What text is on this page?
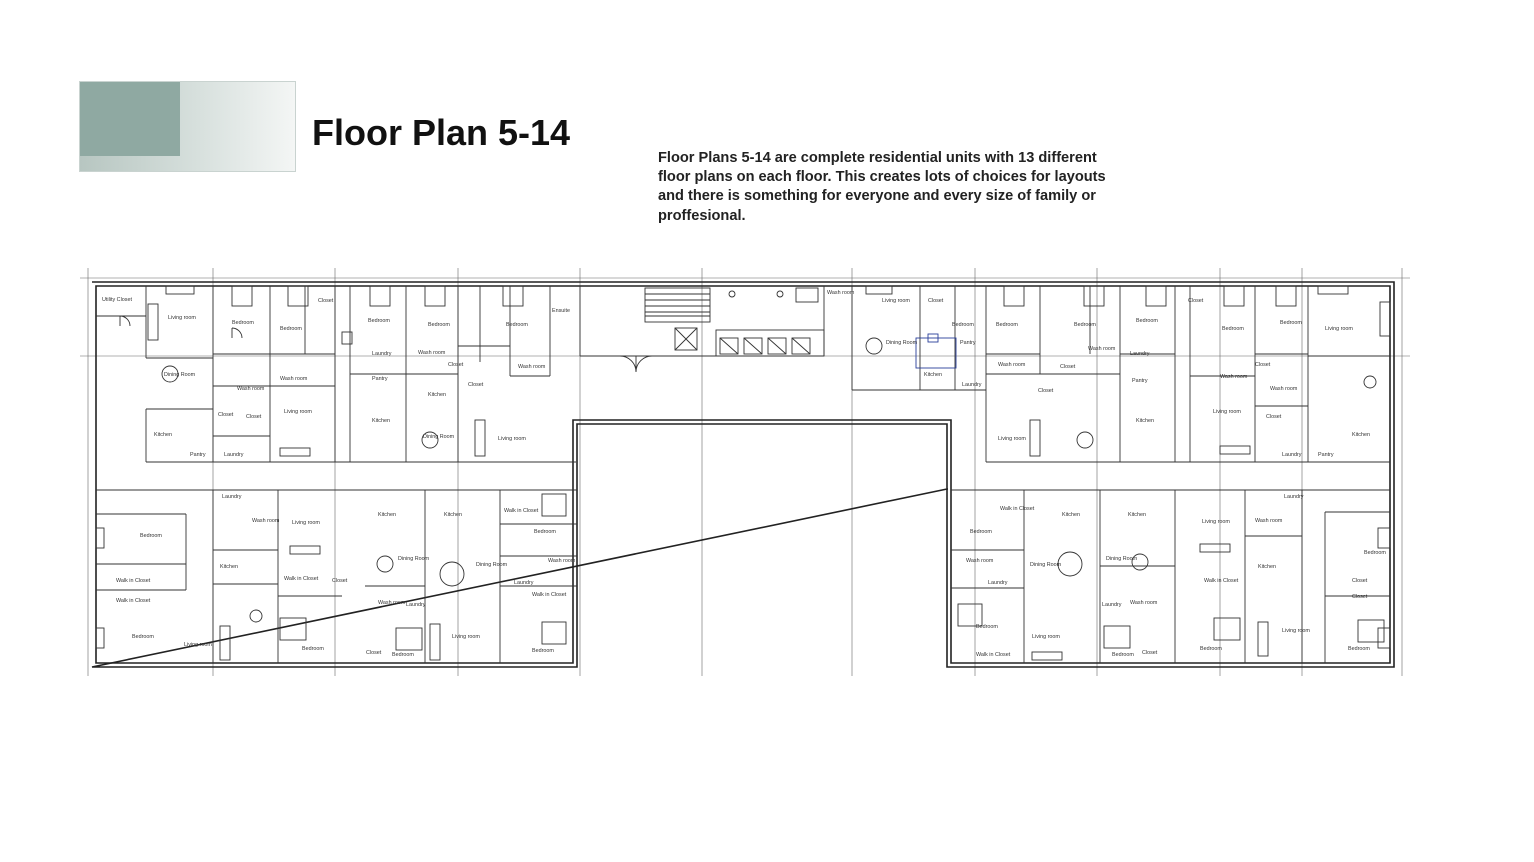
Floor Plan 5-14

Floor Plans 5-14 are complete residential units with 13 different floor plans on each floor. This creates lots of choices for layouts and there is something for everyone and every size of family or proffesional.

Utility Closet
Living room
Bedroom
Bedroom
Closet
Bedroom
Bedroom	Bedroom
Ensuite
Laundry	Wash room
Closet	Wash room
Dining Room
Wash room
Wash room	Pantry
Closet
Kitchen
Living room
Closet Closet
Kitchen
Kitchen	Dining Room	Living room
Pantry	Laundry
Wash room
Living room	Closet
Bedroom
Dining Room	Pantry
Kitchen
Laundry
Bedroom	Bedroom
Bedroom
Closet
Bedroom
Bedroom
Living room
Wash room
Laundry
Wash room	Closet
Pantry
Wash room
Wash room
Closet
Closet
Living room
Kitchen
Closet
Living room
Kitchen
Laundry	Pantry
Laundry
Wash room Living room
Kitchen	Kitchen
Walk in Closet
Bedroom
Bedroom
Dining Room
Dining Room
Wash room
Kitchen
Walk in Closet	Laundry
Walk in Closet	Closet
Walk in Closet
Walk in Closet
Wash room Laundry
Bedroom
Living room
Living room
Bedroom
Closet Bedroom
Bedroom
Walk in Closet
Kitchen	Kitchen
Living room	Wash room
Laundry
Bedroom
Bedroom
Wash room
Dining Room
Dining Room
Kitchen
Closet
Laundry	Walk in Closet
Closet
Wash room
Laundry
Bedroom
Living room
Living room
Bedroom
Bedroom Closet
Bedroom
Walk in Closet
